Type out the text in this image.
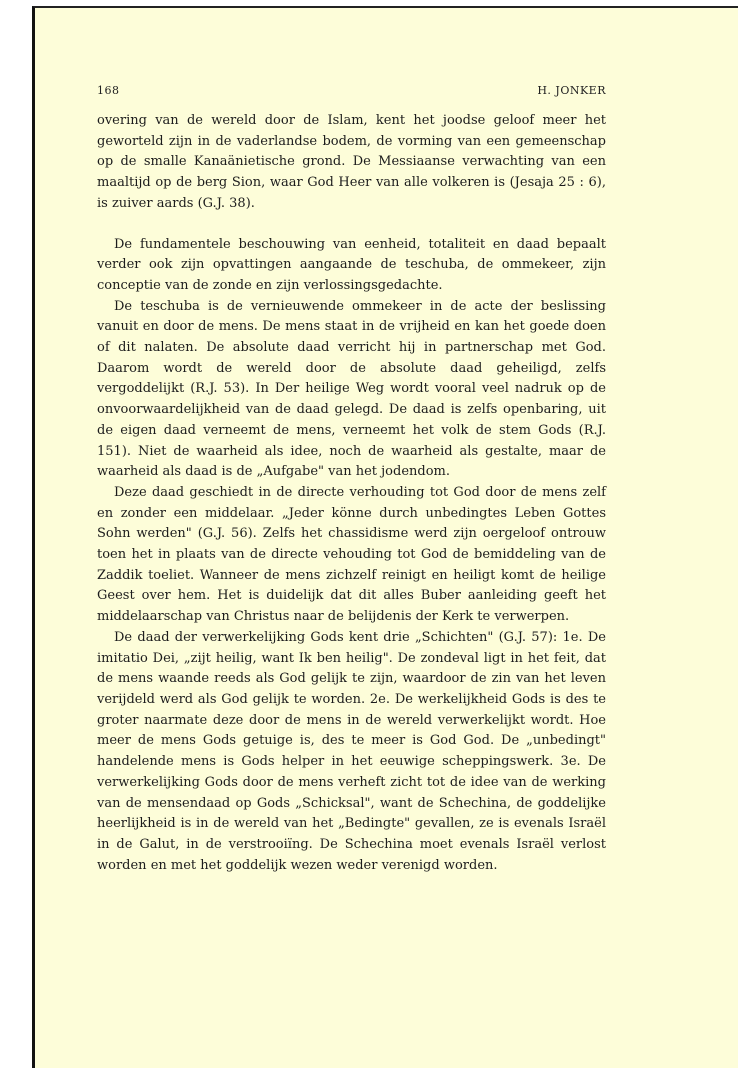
168	H. JONKER

overing van de wereld door de Islam, kent het joodse geloof meer het geworteld zijn in de vaderlandse bodem, de vorming van een gemeenschap op de smalle Kanaänietische grond. De Messiaanse verwachting van een maaltijd op de berg Sion, waar God Heer van alle volkeren is (Jesaja 25 : 6), is zuiver aards (G.J. 38).

De fundamentele beschouwing van eenheid, totaliteit en daad bepaalt verder ook zijn opvattingen aangaande de teschuba, de ommekeer, zijn conceptie van de zonde en zijn verlossingsgedachte.

De teschuba is de vernieuwende ommekeer in de acte der beslissing vanuit en door de mens. De mens staat in de vrijheid en kan het goede doen of dit nalaten. De absolute daad verricht hij in partnerschap met God. Daarom wordt de wereld door de absolute daad geheiligd, zelfs vergoddelijkt (R.J. 53). In Der heilige Weg wordt vooral veel nadruk op de onvoorwaardelijkheid van de daad gelegd. De daad is zelfs openbaring, uit de eigen daad verneemt de mens, verneemt het volk de stem Gods (R.J. 151). Niet de waarheid als idee, noch de waarheid als gestalte, maar de waarheid als daad is de „Aufgabe" van het jodendom.

Deze daad geschiedt in de directe verhouding tot God door de mens zelf en zonder een middelaar. „Jeder könne durch unbedingtes Leben Gottes Sohn werden" (G.J. 56). Zelfs het chassidisme werd zijn oergeloof ontrouw toen het in plaats van de directe vehouding tot God de bemiddeling van de Zaddik toeliet. Wanneer de mens zichzelf reinigt en heiligt komt de heilige Geest over hem. Het is duidelijk dat dit alles Buber aanleiding geeft het middelaarschap van Christus naar de belijdenis der Kerk te verwerpen.

De daad der verwerkelijking Gods kent drie „Schichten" (G.J. 57): 1e. De imitatio Dei, „zijt heilig, want Ik ben heilig". De zondeval ligt in het feit, dat de mens waande reeds als God gelijk te zijn, waardoor de zin van het leven verijdeld werd als God gelijk te worden. 2e. De werkelijkheid Gods is des te groter naarmate deze door de mens in de wereld verwerkelijkt wordt. Hoe meer de mens Gods getuige is, des te meer is God God. De „unbedingt" handelende mens is Gods helper in het eeuwige scheppingswerk. 3e. De verwerkelijking Gods door de mens verheft zicht tot de idee van de werking van de mensendaad op Gods „Schicksal", want de Schechina, de goddelijke heerlijkheid is in de wereld van het „Bedingte" gevallen, ze is evenals Israël in de Galut, in de verstrooiïng. De Schechina moet evenals Israël verlost worden en met het goddelijk wezen weder verenigd worden.
